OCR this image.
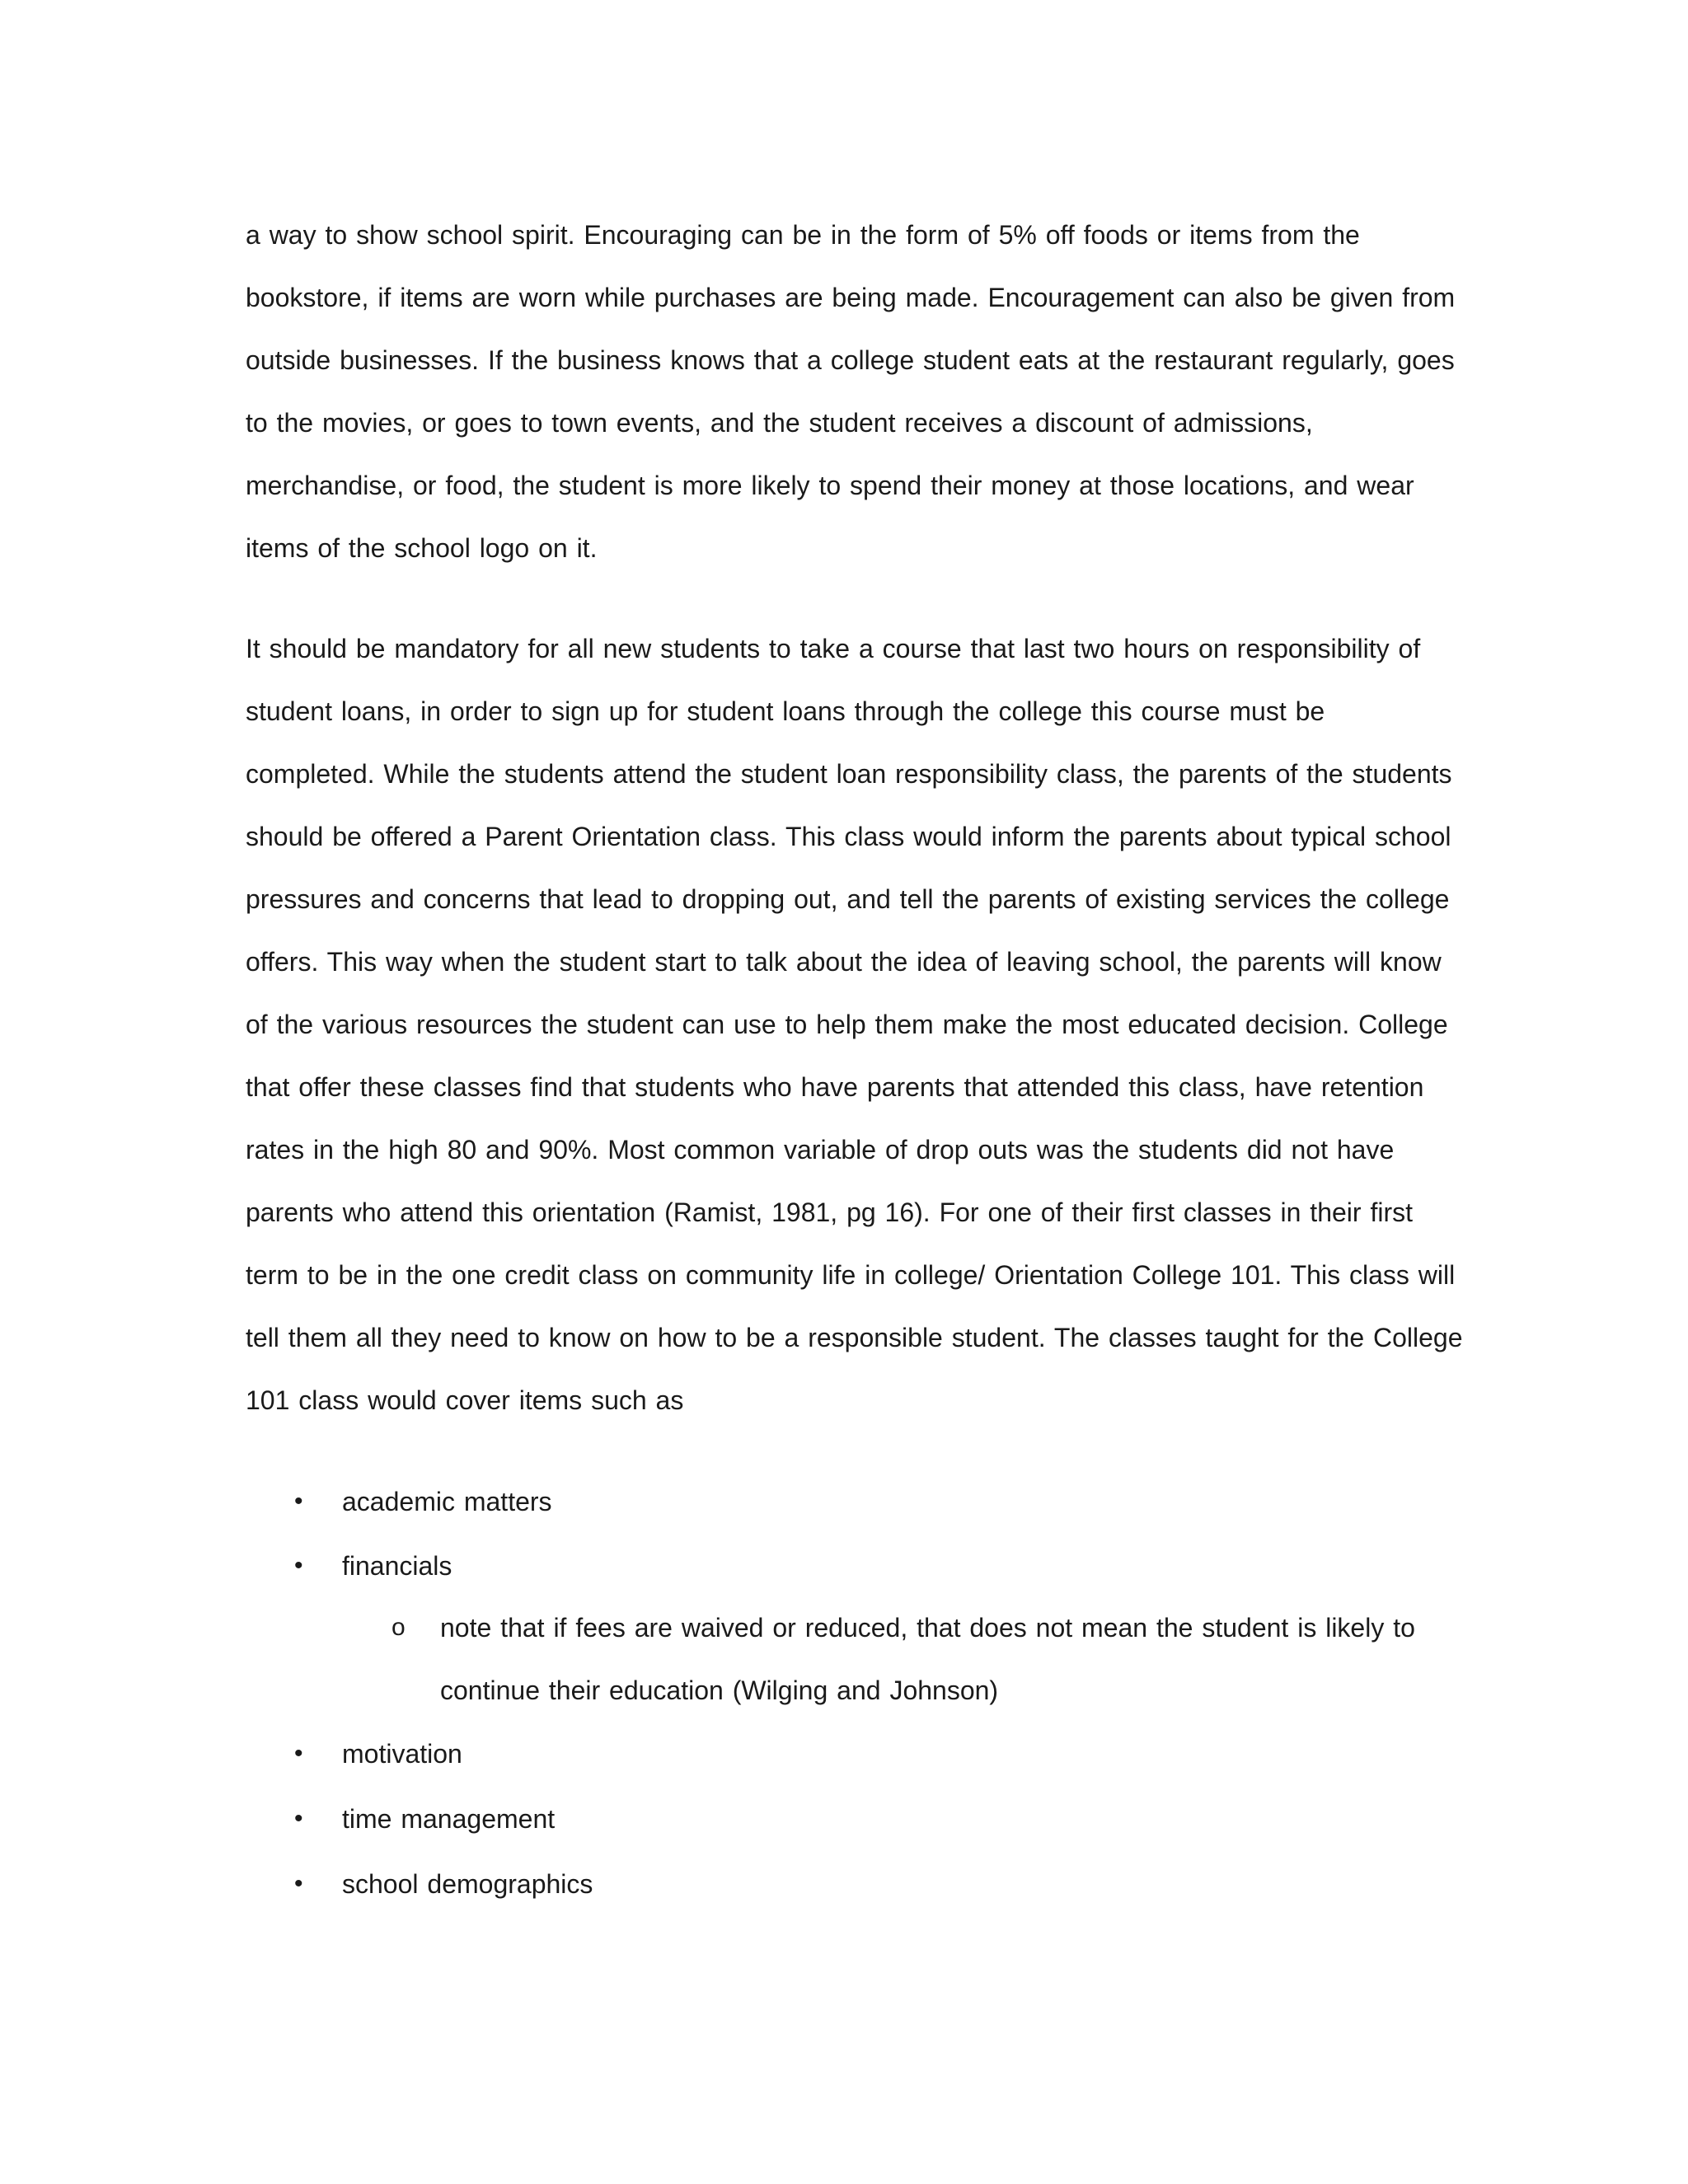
a way to show school spirit. Encouraging can be in the form of 5% off foods or items from the
bookstore, if items are worn while purchases are being made. Encouragement can also be given from
outside businesses. If the business knows that a college student eats at the restaurant regularly, goes
to the movies, or goes to town events, and the student receives a discount of admissions,
merchandise, or food, the student is more likely to spend their money at those locations, and wear
items of the school logo on it.
It should be mandatory for all new students to take a course that last two hours on responsibility of
student loans, in order to sign up for student loans through the college this course must be
completed. While the students attend the student loan responsibility class, the parents of the students
should be offered a Parent Orientation class. This class would inform the parents about typical school
pressures and concerns that lead to dropping out, and tell the parents of existing services the college
offers. This way when the student start to talk about the idea of leaving school, the parents will know
of the various resources the student can use to help them make the most educated decision. College
that offer these classes find that students who have parents that attended this class, have retention
rates in the high 80 and 90%. Most common variable of drop outs was the students did not have
parents who attend this orientation (Ramist, 1981, pg 16). For one of their first classes in their first
term to be in the one credit class on community life in college/ Orientation College 101. This class will
tell them all they need to know on how to be a responsible student. The classes taught for the College
101 class would cover items such as
• academic matters
• financials
o note that if fees are waived or reduced, that does not mean the student is likely to
continue their education (Wilging and Johnson)
• motivation
• time management
• school demographics
